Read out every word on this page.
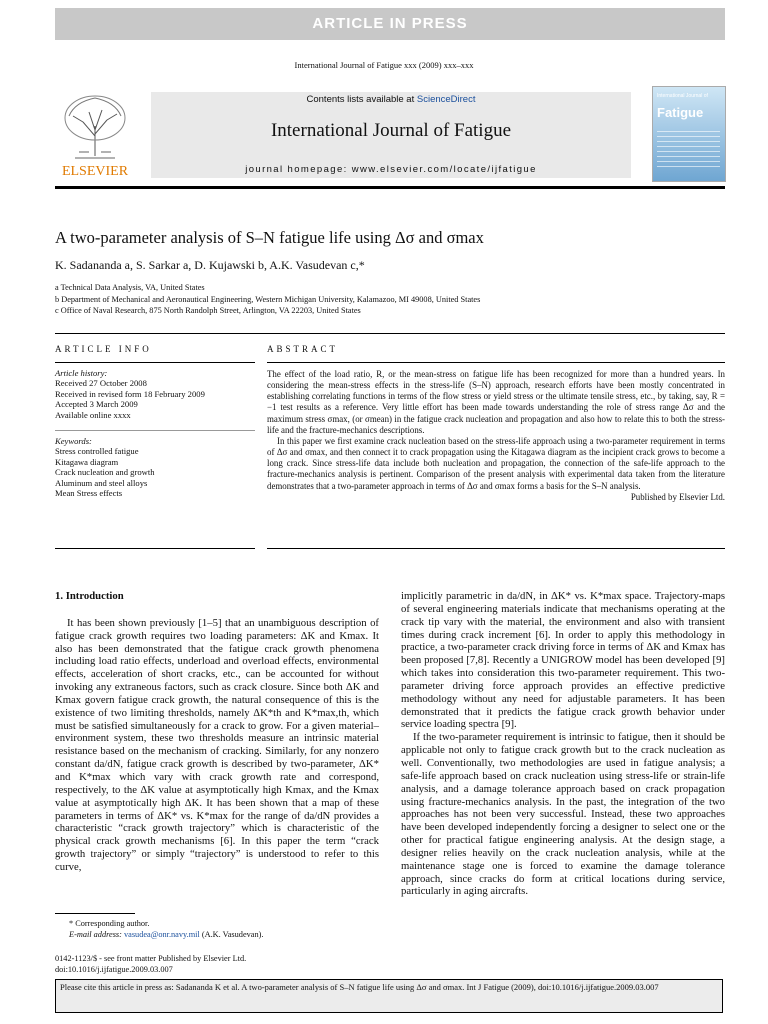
ARTICLE IN PRESS
International Journal of Fatigue xxx (2009) xxx–xxx
ELSEVIER
Contents lists available at ScienceDirect
International Journal of Fatigue
journal homepage: www.elsevier.com/locate/ijfatigue
International Journal of
Fatigue
A two-parameter analysis of S–N fatigue life using Δσ and σmax
K. Sadananda a, S. Sarkar a, D. Kujawski b, A.K. Vasudevan c,*
a Technical Data Analysis, VA, United States
b Department of Mechanical and Aeronautical Engineering, Western Michigan University, Kalamazoo, MI 49008, United States
c Office of Naval Research, 875 North Randolph Street, Arlington, VA 22203, United States
ARTICLE INFO	ABSTRACT
Article history:
Received 27 October 2008
Received in revised form 18 February 2009
Accepted 3 March 2009
Available online xxxx
Keywords:
Stress controlled fatigue
Kitagawa diagram
Crack nucleation and growth
Aluminum and steel alloys
Mean Stress effects

The effect of the load ratio, R, or the mean-stress on fatigue life has been recognized for more than a hundred years. In considering the mean-stress effects in the stress-life (S–N) approach, research efforts have been mostly concentrated in establishing correlating functions in terms of the flow stress or yield stress or the ultimate tensile stress, etc., by taking, say, R = −1 test results as a reference. Very little effort has been made towards understanding the role of stress range Δσ and the maximum stress σmax, (or σmean) in the fatigue crack nucleation and propagation and also how to relate this to both the stress-life and the fracture-mechanics descriptions.

In this paper we first examine crack nucleation based on the stress-life approach using a two-parameter requirement in terms of Δσ and σmax, and then connect it to crack propagation using the Kitagawa diagram as the incipient crack grows to become a long crack. Since stress-life data include both nucleation and propagation, the connection of the safe-life approach to the fracture-mechanics analysis is pertinent. Comparison of the present analysis with experimental data taken from the literature demonstrates that a two-parameter approach in terms of Δσ and σmax forms a basis for the S–N analysis.

Published by Elsevier Ltd.

1. Introduction

It has been shown previously [1–5] that an unambiguous description of fatigue crack growth requires two loading parameters: ΔK and Kmax. It also has been demonstrated that the fatigue crack growth phenomena including load ratio effects, underload and overload effects, environmental effects, acceleration of short cracks, etc., can be accounted for without invoking any extraneous factors, such as crack closure. Since both ΔK and Kmax govern fatigue crack growth, the natural consequence of this is the existence of two limiting thresholds, namely ΔK*th and K*max,th, which must be satisfied simultaneously for a crack to grow. For a given material–environment system, these two thresholds measure an intrinsic material resistance based on the mechanism of cracking. Similarly, for any nonzero constant da/dN, fatigue crack growth is described by two-parameter, ΔK* and K*max which vary with crack growth rate and correspond, respectively, to the ΔK value at asymptotically high Kmax, and the Kmax value at asymptotically high ΔK. It has been shown that a map of these parameters in terms of ΔK* vs. K*max for the range of da/dN provides a characteristic “crack growth trajectory” which is characteristic of the physical crack growth mechanisms [6]. In this paper the term “crack growth trajectory” or simply “trajectory” is understood to refer to this curve,

implicitly parametric in da/dN, in ΔK* vs. K*max space. Trajectory-maps of several engineering materials indicate that mechanisms operating at the crack tip vary with the material, the environment and also with transient times during crack increment [6]. In order to apply this methodology in practice, a two-parameter crack driving force in terms of ΔK and Kmax has been proposed [7,8]. Recently a UNIGROW model has been developed [9] which takes into consideration this two-parameter requirement. This two-parameter driving force approach provides an effective predictive methodology without any need for adjustable parameters. It has been demonstrated that it predicts the fatigue crack growth behavior under service loading spectra [9].

If the two-parameter requirement is intrinsic to fatigue, then it should be applicable not only to fatigue crack growth but to the crack nucleation as well. Conventionally, two methodologies are used in fatigue analysis; a safe-life approach based on crack nucleation using stress-life or strain-life analysis, and a damage tolerance approach based on crack propagation using fracture-mechanics analysis. In the past, the integration of the two approaches has not been very successful. Instead, these two approaches have been developed independently forcing a designer to select one or the other for practical fatigue engineering analysis. At the design stage, a designer relies heavily on the crack nucleation analysis, while at the maintenance stage one is forced to examine the damage tolerance approach, since cracks do form at critical locations during service, particularly in aging aircrafts.

* Corresponding author.
E-mail address: vasudea@onr.navy.mil (A.K. Vasudevan).
0142-1123/$ - see front matter Published by Elsevier Ltd.
doi:10.1016/j.ijfatigue.2009.03.007
Please cite this article in press as: Sadananda K et al. A two-parameter analysis of S–N fatigue life using Δσ and σmax. Int J Fatigue (2009), doi:10.1016/j.ijfatigue.2009.03.007
